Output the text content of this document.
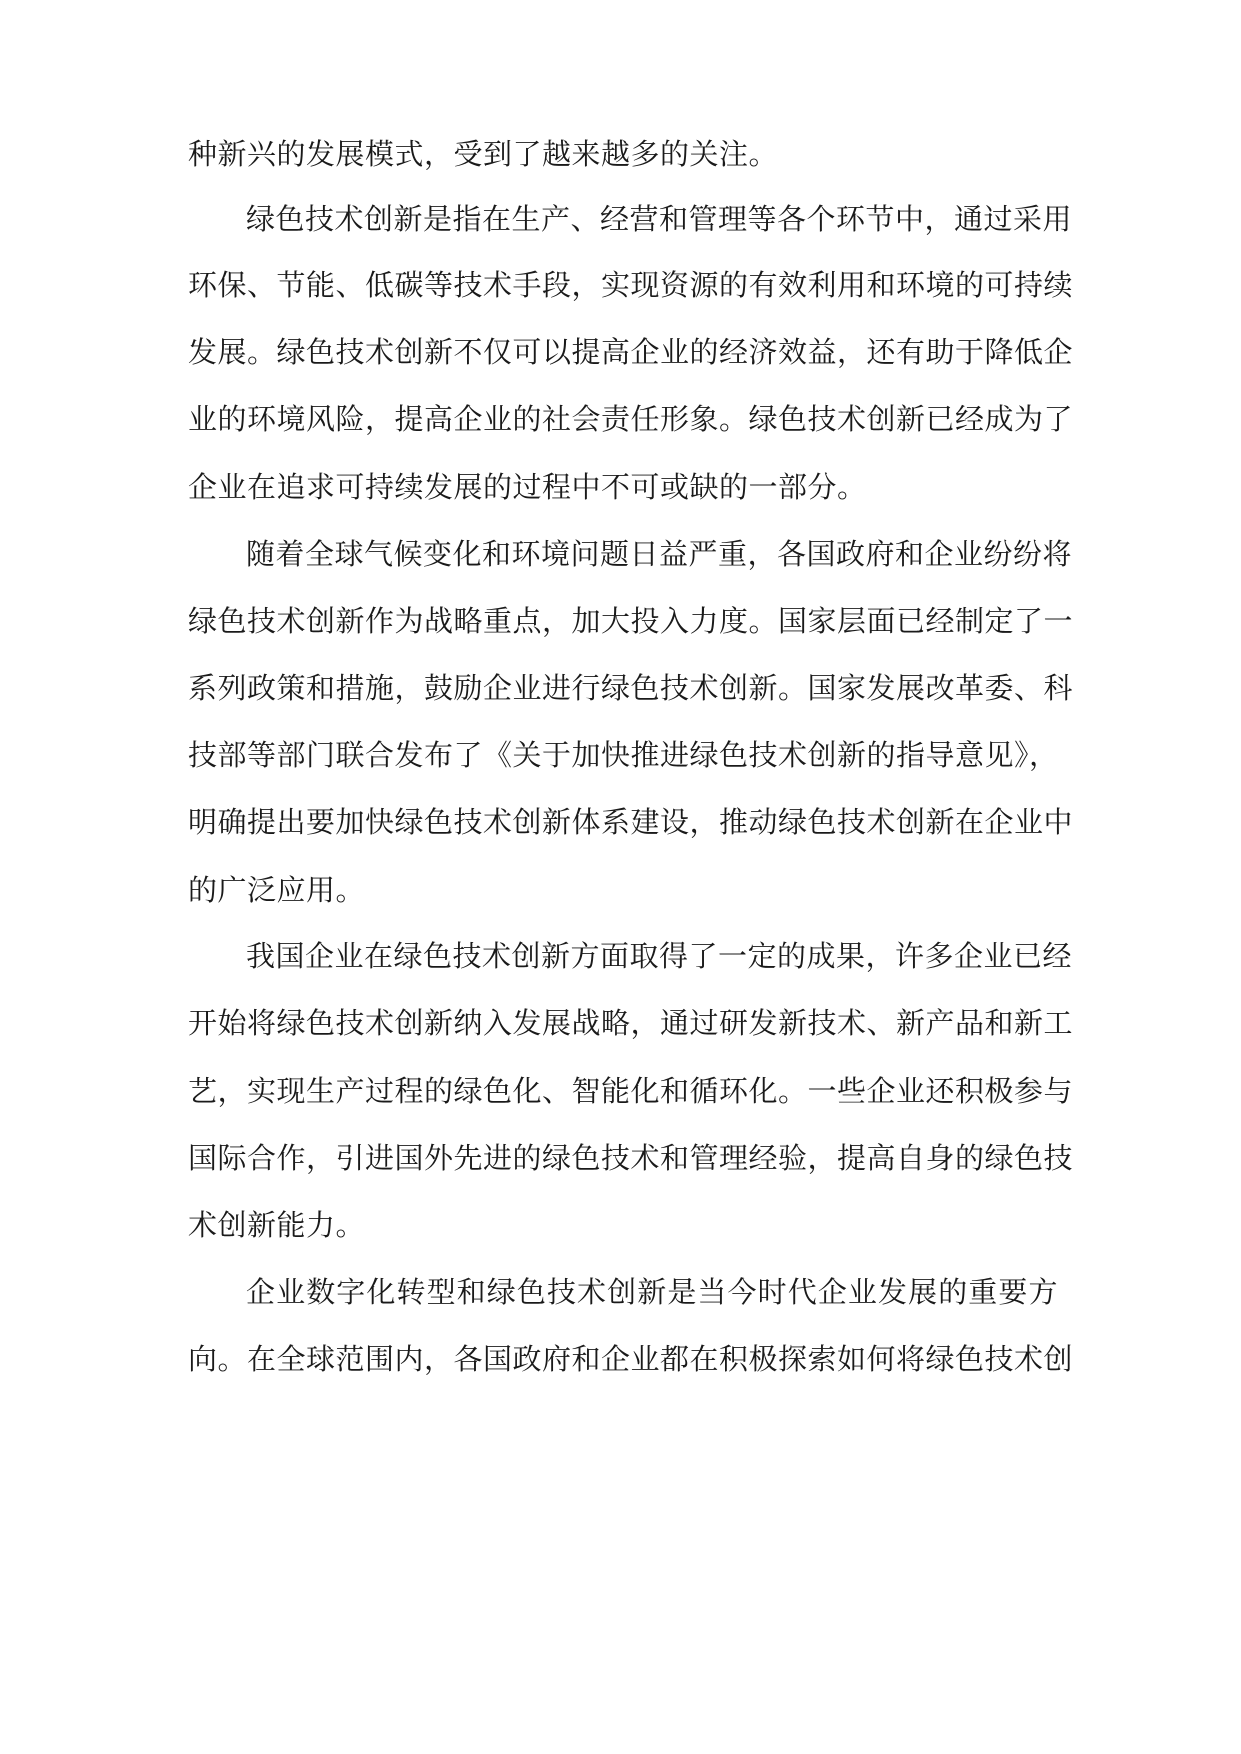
种新兴的发展模式，受到了越来越多的关注。
绿色技术创新是指在生产、经营和管理等各个环节中，通过采用
环保、节能、低碳等技术手段，实现资源的有效利用和环境的可持续
发展。绿色技术创新不仅可以提高企业的经济效益，还有助于降低企
业的环境风险，提高企业的社会责任形象。绿色技术创新已经成为了
企业在追求可持续发展的过程中不可或缺的一部分。
随着全球气候变化和环境问题日益严重，各国政府和企业纷纷将
绿色技术创新作为战略重点，加大投入力度。国家层面已经制定了一
系列政策和措施，鼓励企业进行绿色技术创新。国家发展改革委、科
技部等部门联合发布了《关于加快推进绿色技术创新的指导意见》，
明确提出要加快绿色技术创新体系建设，推动绿色技术创新在企业中
的广泛应用。
我国企业在绿色技术创新方面取得了一定的成果，许多企业已经
开始将绿色技术创新纳入发展战略，通过研发新技术、新产品和新工
艺，实现生产过程的绿色化、智能化和循环化。一些企业还积极参与
国际合作，引进国外先进的绿色技术和管理经验，提高自身的绿色技
术创新能力。
企业数字化转型和绿色技术创新是当今时代企业发展的重要方
向。在全球范围内，各国政府和企业都在积极探索如何将绿色技术创
